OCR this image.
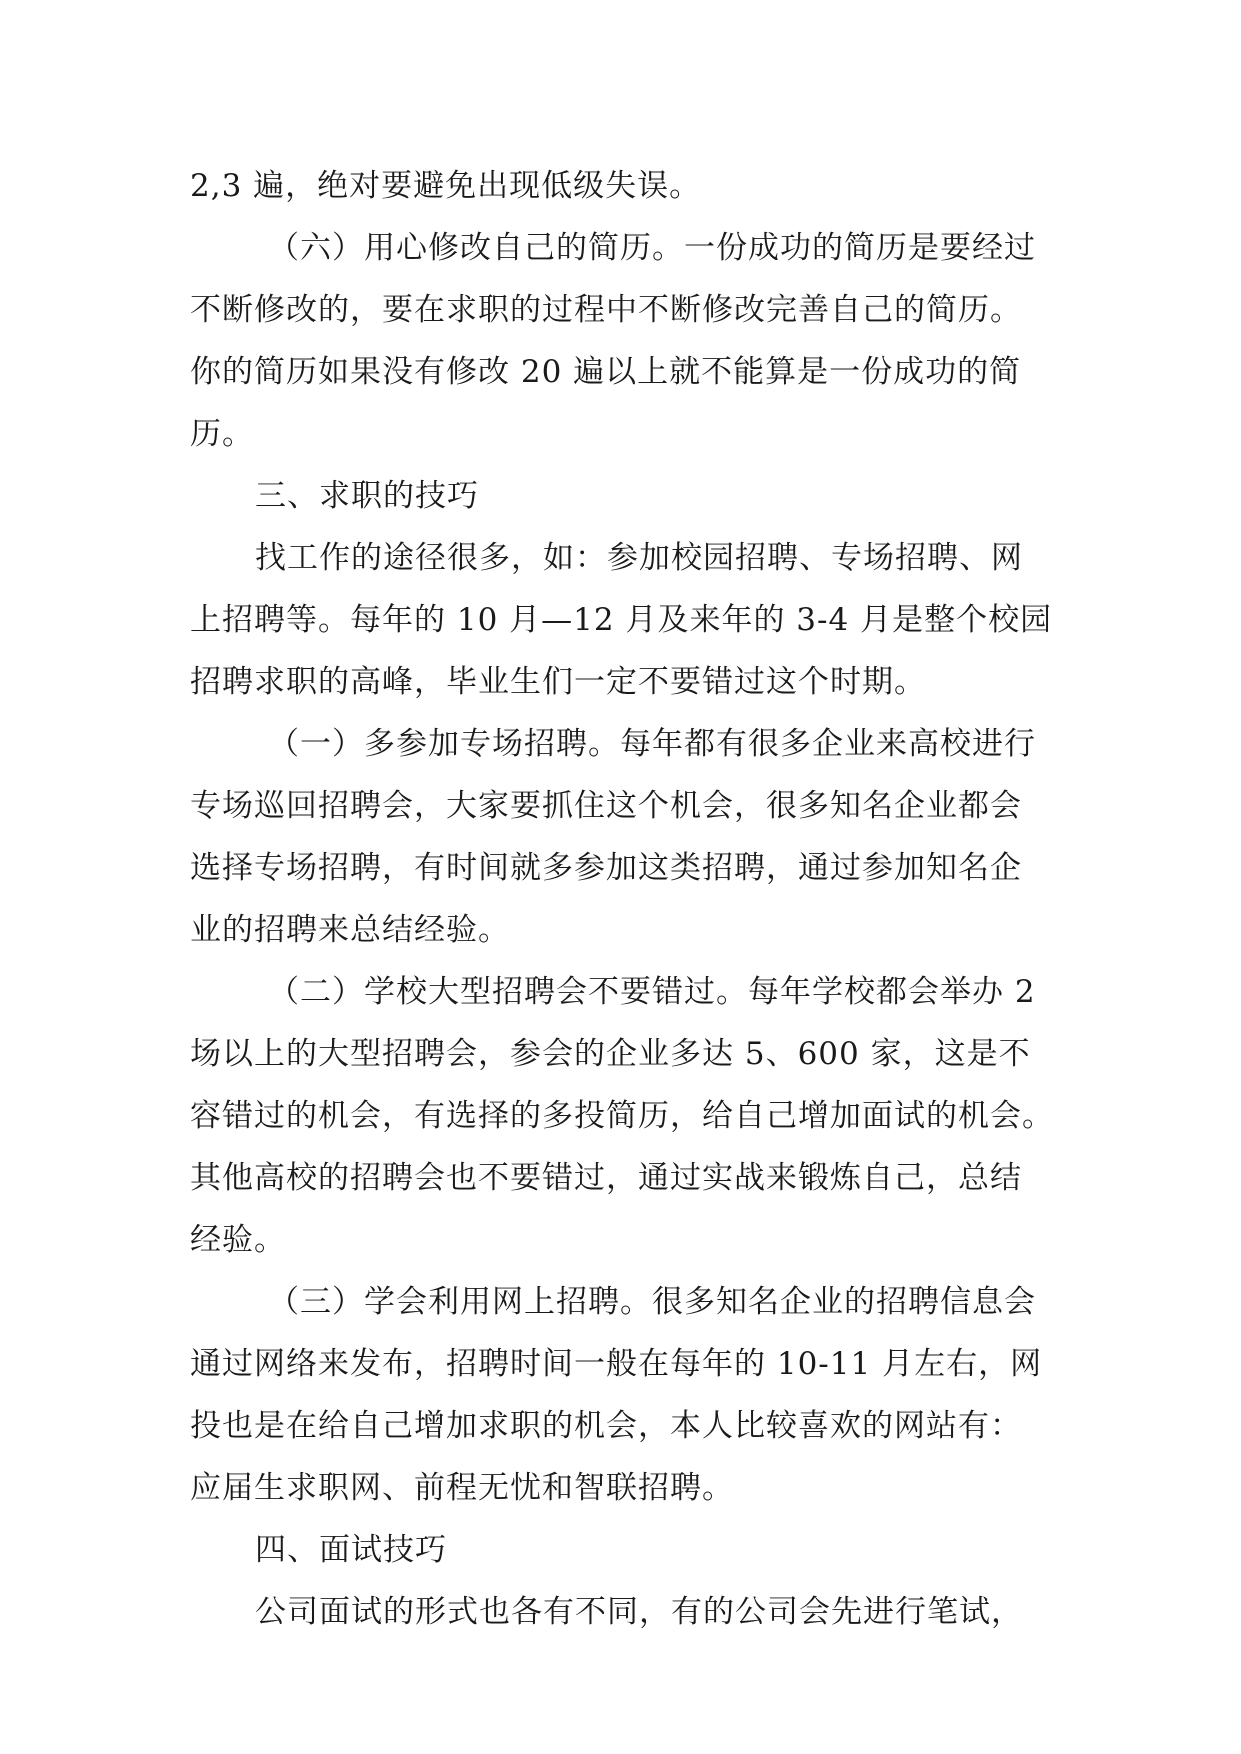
2,3 遍，绝对要避免出现低级失误。
（六）用心修改自己的简历。一份成功的简历是要经过
不断修改的，要在求职的过程中不断修改完善自己的简历。
你的简历如果没有修改 20 遍以上就不能算是一份成功的简
历。
三、求职的技巧
找工作的途径很多，如：参加校园招聘、专场招聘、网
上招聘等。每年的 10 月—12 月及来年的 3-4 月是整个校园
招聘求职的高峰，毕业生们一定不要错过这个时期。
（一）多参加专场招聘。每年都有很多企业来高校进行
专场巡回招聘会，大家要抓住这个机会，很多知名企业都会
选择专场招聘，有时间就多参加这类招聘，通过参加知名企
业的招聘来总结经验。
（二）学校大型招聘会不要错过。每年学校都会举办 2
场以上的大型招聘会，参会的企业多达 5、600 家，这是不
容错过的机会，有选择的多投简历，给自己增加面试的机会。
其他高校的招聘会也不要错过，通过实战来锻炼自己，总结
经验。
（三）学会利用网上招聘。很多知名企业的招聘信息会
通过网络来发布，招聘时间一般在每年的 10-11 月左右，网
投也是在给自己增加求职的机会，本人比较喜欢的网站有：
应届生求职网、前程无忧和智联招聘。
四、面试技巧
公司面试的形式也各有不同，有的公司会先进行笔试，
